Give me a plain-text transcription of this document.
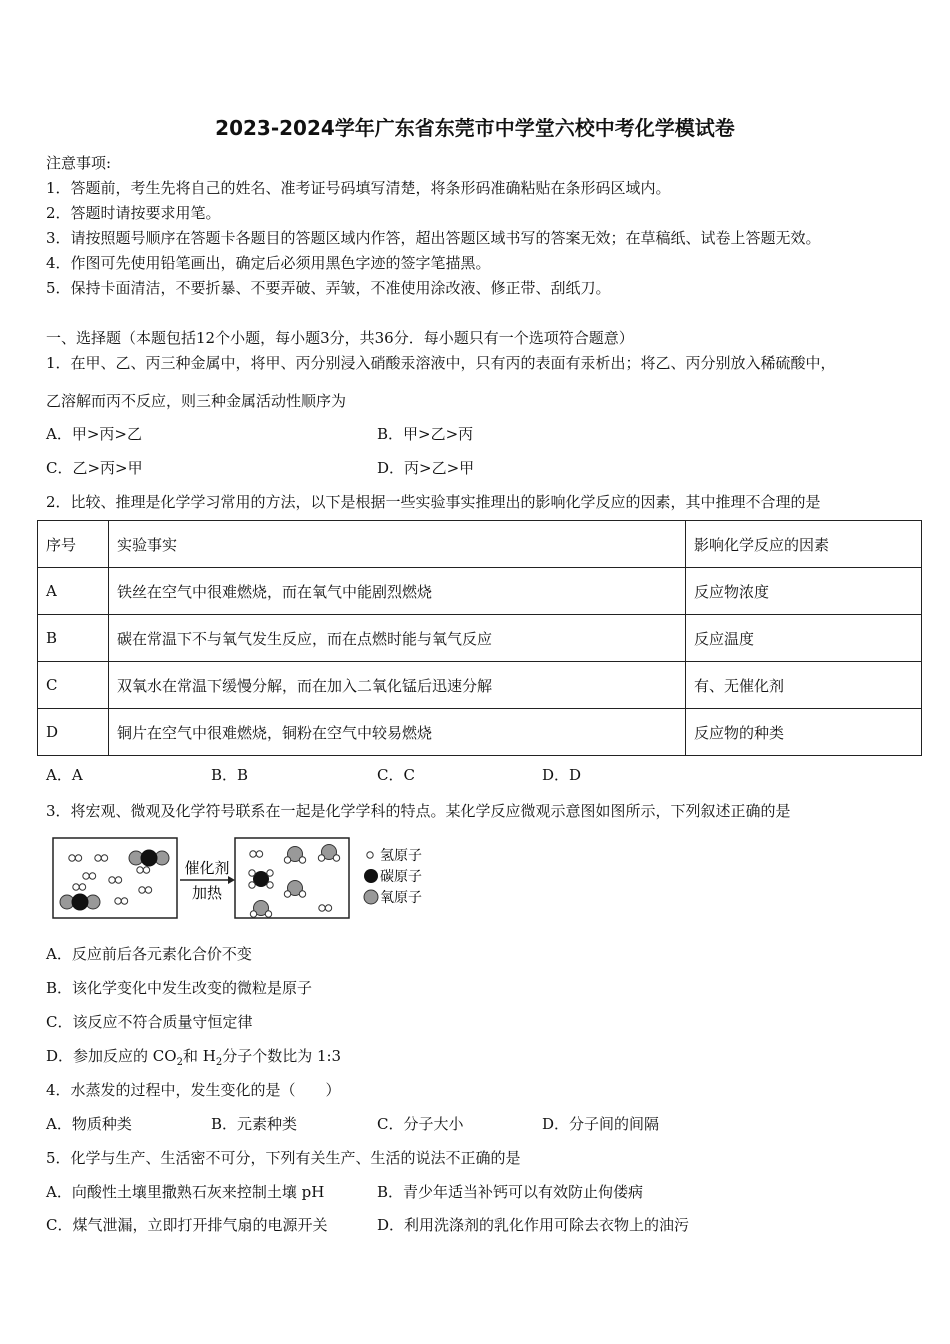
2023-2024学年广东省东莞市中学堂六校中考化学模试卷
注意事项:
1．答题前，考生先将自己的姓名、准考证号码填写清楚，将条形码准确粘贴在条形码区域内。
2．答题时请按要求用笔。
3．请按照题号顺序在答题卡各题目的答题区域内作答，超出答题区域书写的答案无效；在草稿纸、试卷上答题无效。
4．作图可先使用铅笔画出，确定后必须用黑色字迹的签字笔描黑。
5．保持卡面清洁，不要折暴、不要弄破、弄皱，不准使用涂改液、修正带、刮纸刀。
一、选择题（本题包括12个小题，每小题3分，共36分．每小题只有一个选项符合题意）
1．在甲、乙、丙三种金属中，将甲、丙分别浸入硝酸汞溶液中，只有丙的表面有汞析出；将乙、丙分别放入稀硫酸中，
乙溶解而丙不反应，则三种金属活动性顺序为
A．甲>丙>乙	B．甲>乙>丙
C．乙>丙>甲	D．丙>乙>甲
2．比较、推理是化学学习常用的方法，以下是根据一些实验事实推理出的影响化学反应的因素，其中推理不合理的是
序号	实验事实	影响化学反应的因素
A	铁丝在空气中很难燃烧，而在氧气中能剧烈燃烧	反应物浓度
B	碳在常温下不与氧气发生反应，而在点燃时能与氧气反应	反应温度
C	双氧水在常温下缓慢分解，而在加入二氧化锰后迅速分解	有、无催化剂
D	铜片在空气中很难燃烧，铜粉在空气中较易燃烧	反应物的种类
A．A	B．B	C．C	D．D
3．将宏观、微观及化学符号联系在一起是化学学科的特点。某化学反应微观示意图如图所示，下列叙述正确的是
催化剂
加热
氢原子
碳原子
氧原子
A．反应前后各元素化合价不变
B．该化学变化中发生改变的微粒是原子
C．该反应不符合质量守恒定律
D．参加反应的 $CO_2$和 $H_2$分子个数比为 1:3
4．水蒸发的过程中，发生变化的是（　　）
A．物质种类	B．元素种类	C．分子大小	D．分子间的间隔
5．化学与生产、生活密不可分，下列有关生产、生活的说法不正确的是
A．向酸性土壤里撒熟石灰来控制土壤 pH	B．青少年适当补钙可以有效防止佝偻病
C．煤气泄漏，立即打开排气扇的电源开关	D．利用洗涤剂的乳化作用可除去衣物上的油污
